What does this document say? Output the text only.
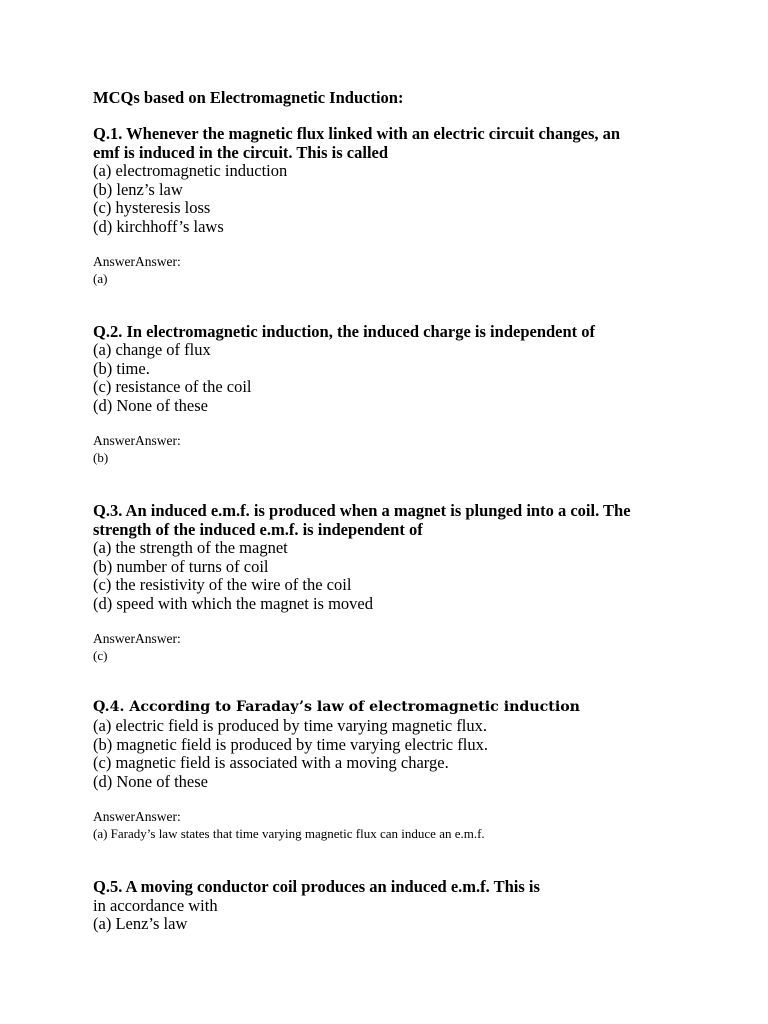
MCQs based on Electromagnetic Induction:
Q.1. Whenever the magnetic flux linked with an electric circuit changes, an
emf is induced in the circuit. This is called
(a) electromagnetic induction
(b) lenz’s law
(c) hysteresis loss
(d) kirchhoff’s laws
AnswerAnswer:
(a)
Q.2. In electromagnetic induction, the induced charge is independent of
(a) change of flux
(b) time.
(c) resistance of the coil
(d) None of these
AnswerAnswer:
(b)
Q.3. An induced e.m.f. is produced when a magnet is plunged into a coil. The
strength of the induced e.m.f. is independent of
(a) the strength of the magnet
(b) number of turns of coil
(c) the resistivity of the wire of the coil
(d) speed with which the magnet is moved
AnswerAnswer:
(c)
Q.4. According to Faraday’s law of electromagnetic induction
(a) electric field is produced by time varying magnetic flux.
(b) magnetic field is produced by time varying electric flux.
(c) magnetic field is associated with a moving charge.
(d) None of these
AnswerAnswer:
(a) Farady’s law states that time varying magnetic flux can induce an e.m.f.
Q.5. A moving conductor coil produces an induced e.m.f. This is
in accordance with
(a) Lenz’s law
